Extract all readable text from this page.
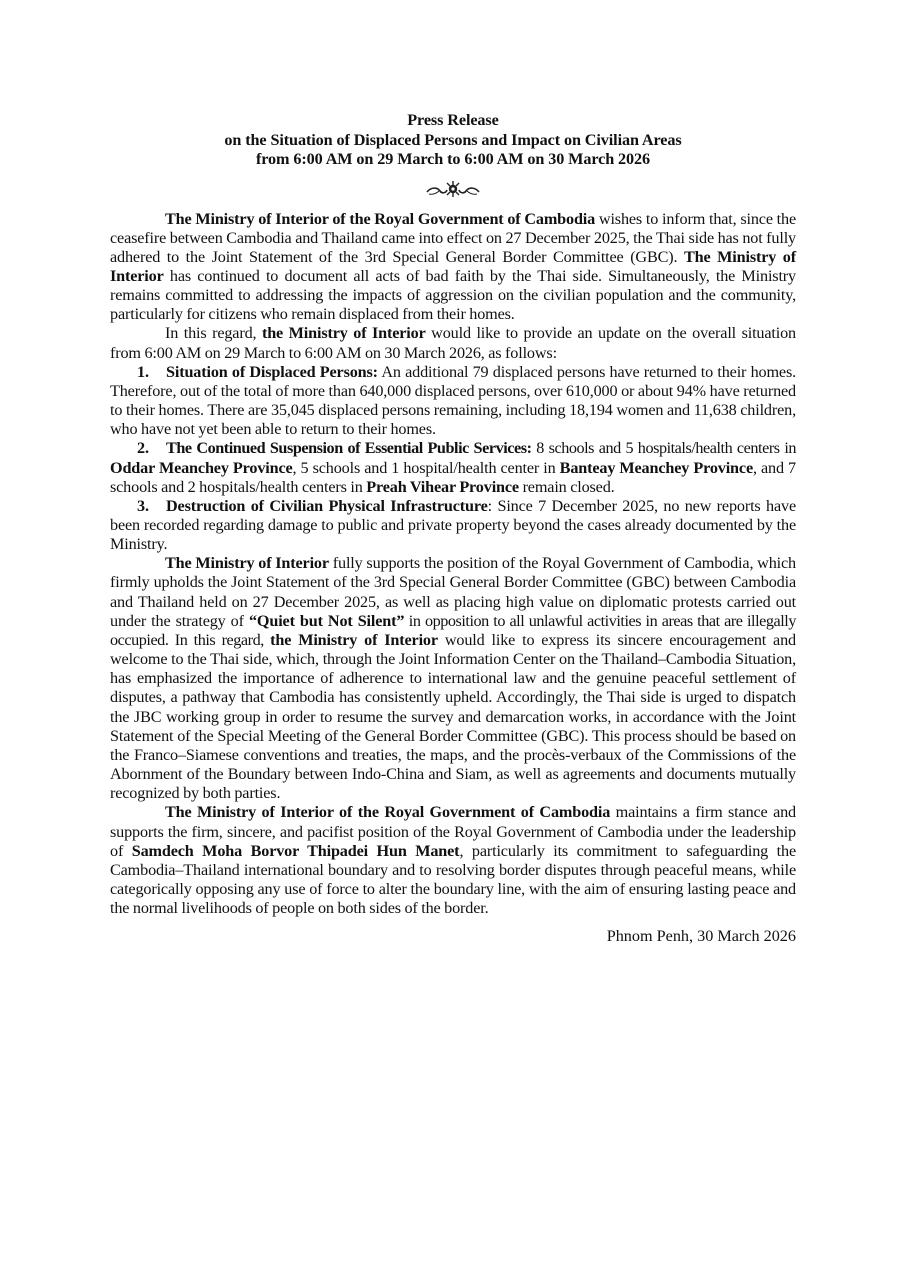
Press Release
on the Situation of Displaced Persons and Impact on Civilian Areas
from 6:00 AM on 29 March to 6:00 AM on 30 March 2026

The Ministry of Interior of the Royal Government of Cambodia wishes to inform that, since the ceasefire between Cambodia and Thailand came into effect on 27 December 2025, the Thai side has not fully adhered to the Joint Statement of the 3rd Special General Border Committee (GBC). The Ministry of Interior has continued to document all acts of bad faith by the Thai side. Simultaneously, the Ministry remains committed to addressing the impacts of aggression on the civilian population and the community, particularly for citizens who remain displaced from their homes.

In this regard, the Ministry of Interior would like to provide an update on the overall situation from 6:00 AM on 29 March to 6:00 AM on 30 March 2026, as follows:

1. Situation of Displaced Persons: An additional 79 displaced persons have returned to their homes. Therefore, out of the total of more than 640,000 displaced persons, over 610,000 or about 94% have returned to their homes. There are 35,045 displaced persons remaining, including 18,194 women and 11,638 children, who have not yet been able to return to their homes.

2. The Continued Suspension of Essential Public Services: 8 schools and 5 hospitals/health centers in Oddar Meanchey Province, 5 schools and 1 hospital/health center in Banteay Meanchey Province, and 7 schools and 2 hospitals/health centers in Preah Vihear Province remain closed.

3. Destruction of Civilian Physical Infrastructure: Since 7 December 2025, no new reports have been recorded regarding damage to public and private property beyond the cases already documented by the Ministry.

The Ministry of Interior fully supports the position of the Royal Government of Cambodia, which firmly upholds the Joint Statement of the 3rd Special General Border Committee (GBC) between Cambodia and Thailand held on 27 December 2025, as well as placing high value on diplomatic protests carried out under the strategy of “Quiet but Not Silent” in opposition to all unlawful activities in areas that are illegally occupied. In this regard, the Ministry of Interior would like to express its sincere encouragement and welcome to the Thai side, which, through the Joint Information Center on the Thailand–Cambodia Situation, has emphasized the importance of adherence to international law and the genuine peaceful settlement of disputes, a pathway that Cambodia has consistently upheld. Accordingly, the Thai side is urged to dispatch the JBC working group in order to resume the survey and demarcation works, in accordance with the Joint Statement of the Special Meeting of the General Border Committee (GBC). This process should be based on the Franco–Siamese conventions and treaties, the maps, and the procès-verbaux of the Commissions of the Abornment of the Boundary between Indo-China and Siam, as well as agreements and documents mutually recognized by both parties.

The Ministry of Interior of the Royal Government of Cambodia maintains a firm stance and supports the firm, sincere, and pacifist position of the Royal Government of Cambodia under the leadership of Samdech Moha Borvor Thipadei Hun Manet, particularly its commitment to safeguarding the Cambodia–Thailand international boundary and to resolving border disputes through peaceful means, while categorically opposing any use of force to alter the boundary line, with the aim of ensuring lasting peace and the normal livelihoods of people on both sides of the border.

Phnom Penh, 30 March 2026
